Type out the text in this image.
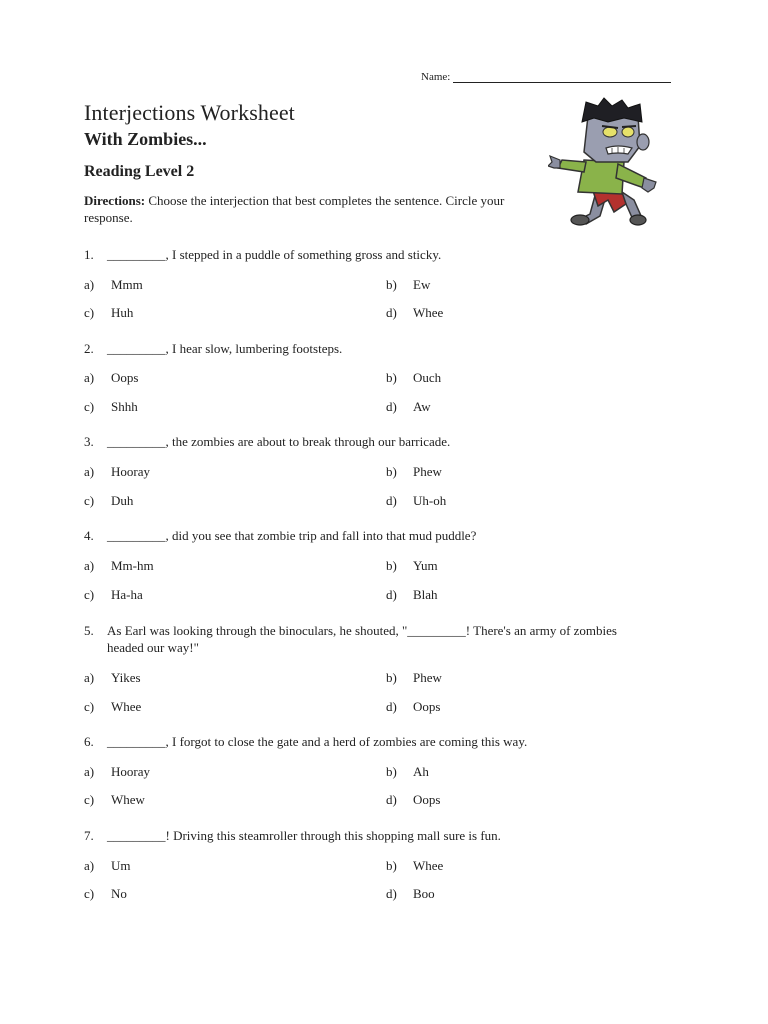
Name:
Interjections Worksheet
With Zombies...
Reading Level 2

Directions: Choose the interjection that best completes the sentence. Circle your response.

1.	_________, I stepped in a puddle of something gross and sticky.
a)	Mmm	b)	Ew
c)	Huh	d)	Whee
2.	_________, I hear slow, lumbering footsteps.
a)	Oops	b)	Ouch
c)	Shhh	d)	Aw
3.	_________, the zombies are about to break through our barricade.
a)	Hooray	b)	Phew
c)	Duh	d)	Uh-oh
4.	_________, did you see that zombie trip and fall into that mud puddle?
a)	Mm-hm	b)	Yum
c)	Ha-ha	d)	Blah
5.	As Earl was looking through the binoculars, he shouted, "_________! There's an army of zombies headed our way!"
a)	Yikes	b)	Phew
c)	Whee	d)	Oops
6.	_________, I forgot to close the gate and a herd of zombies are coming this way.
a)	Hooray	b)	Ah
c)	Whew	d)	Oops
7.	_________! Driving this steamroller through this shopping mall sure is fun.
a)	Um	b)	Whee
c)	No	d)	Boo
